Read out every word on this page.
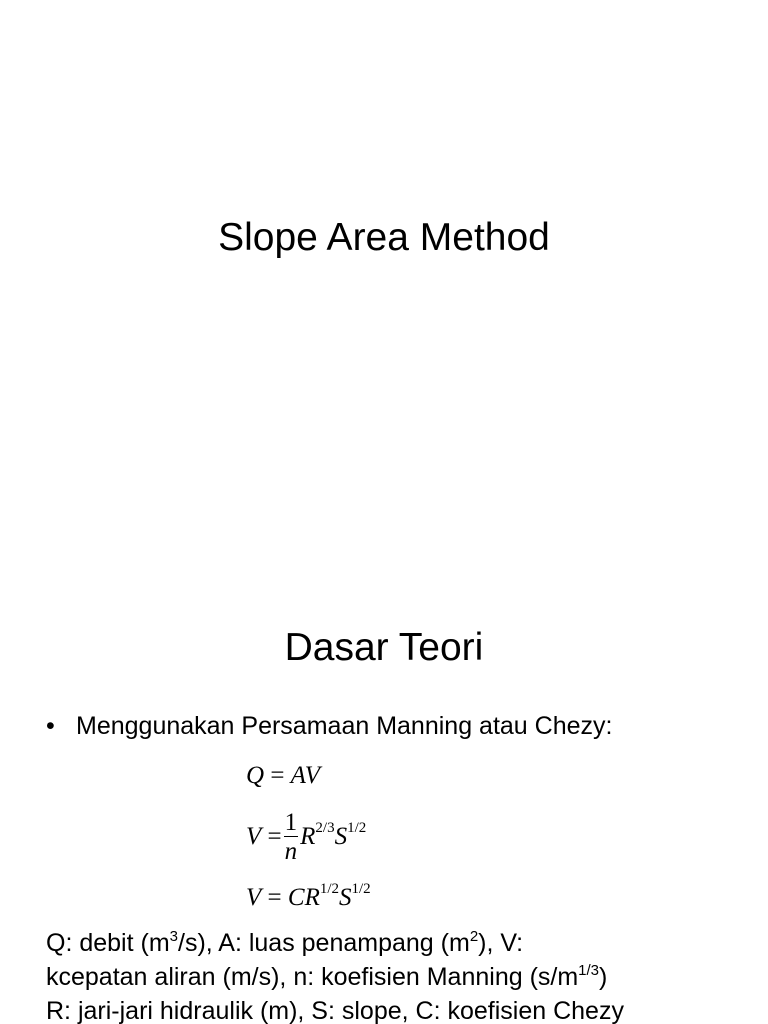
Slope Area Method
Dasar Teori
• Menggunakan Persamaan Manning atau Chezy:
Q = AV
$V = \frac{1}{n} R^{2/3}S^{1/2}$
$V = CR^{1/2}S^{1/2}$
Q: debit $(m^3/s)$, A: luas penampang $(m^2)$, V:
kcepatan aliran (m/s), n: koefisien Manning $(s/m^{1/3})$
R: jari-jari hidraulik (m), S: slope, C: koefisien Chezy
